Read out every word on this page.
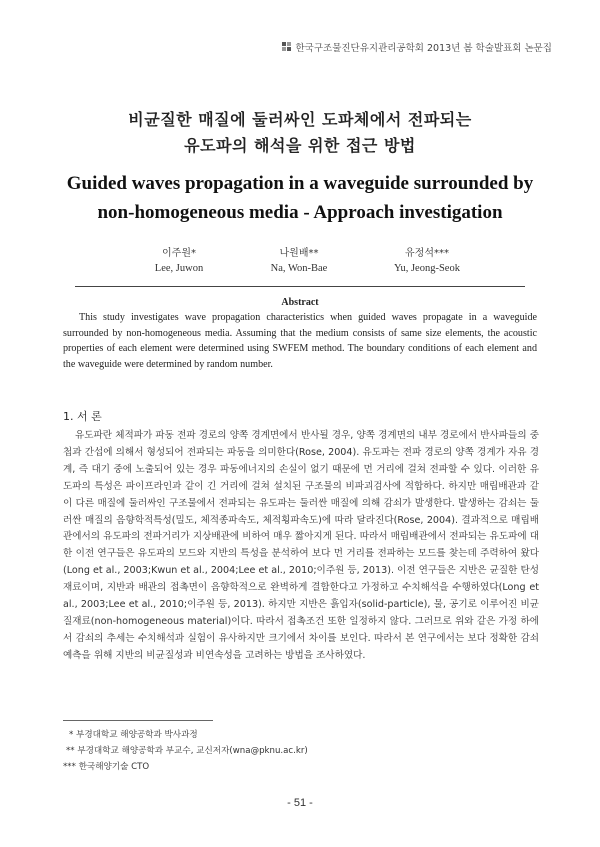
한국구조물진단유지관리공학회 2013년 봄 학술발표회 논문집
비균질한 매질에 둘러싸인 도파체에서 전파되는
유도파의 해석을 위한 접근 방법
Guided waves propagation in a waveguide surrounded by
non-homogeneous media - Approach investigation
이주원*
Lee, Juwon
나원배**
Na, Won-Bae
유정석***
Yu, Jeong-Seok
Abstract
This study investigates wave propagation characteristics when guided waves propagate in a waveguide surrounded by non-homogeneous media. Assuming that the medium consists of same size elements, the acoustic properties of each element were determined using SWFEM method. The boundary conditions of each element and the waveguide were determined by random number.
1. 서 론
유도파란 체적파가 파동 전파 경로의 양쪽 경계면에서 반사될 경우, 양쪽 경계면의 내부 경로에서 반사파들의 중첩과 간섭에 의해서 형성되어 전파되는 파동을 의미한다(Rose, 2004). 유도파는 전파 경로의 양쪽 경계가 자유 경계, 즉 대기 중에 노출되어 있는 경우 파동에너지의 손실이 없기 때문에 먼 거리에 걸쳐 전파할 수 있다. 이러한 유도파의 특성은 파이프라인과 같이 긴 거리에 걸쳐 설치된 구조물의 비파괴검사에 적합하다. 하지만 매립배관과 같이 다른 매질에 둘러싸인 구조물에서 전파되는 유도파는 둘러싼 매질에 의해 감쇠가 발생한다. 발생하는 감쇠는 둘러싼 매질의 음향학적특성(밀도, 체적종파속도, 체적횡파속도)에 따라 달라진다(Rose, 2004). 결과적으로 매립배관에서의 유도파의 전파거리가 지상배관에 비하여 매우 짧아지게 된다. 따라서 매립배관에서 전파되는 유도파에 대한 이전 연구들은 유도파의 모드와 지반의 특성을 분석하여 보다 먼 거리를 전파하는 모드를 찾는데 주력하여 왔다(Long et al., 2003;Kwun et al., 2004;Lee et al., 2010;이주원 등, 2013). 이전 연구들은 지반은 균질한 탄성재료이며, 지반과 배관의 접촉면이 음향학적으로 완벽하게 결합한다고 가정하고 수치해석을 수행하였다(Long et al., 2003;Lee et al., 2010;이주원 등, 2013). 하지만 지반은 흙입자(solid-particle), 물, 공기로 이루어진 비균질재료(non-homogeneous material)이다. 따라서 접촉조건 또한 일정하지 않다. 그러므로 위와 같은 가정 하에서 감쇠의 추세는 수치해석과 실험이 유사하지만 크기에서 차이를 보인다. 따라서 본 연구에서는 보다 정확한 감쇠 예측을 위해 지반의 비균질성과 비연속성을 고려하는 방법을 조사하였다.
* 부경대학교 해양공학과 박사과정
** 부경대학교 해양공학과 부교수, 교신저자(wna@pknu.ac.kr)
*** 한국해양기술 CTO
- 51 -
